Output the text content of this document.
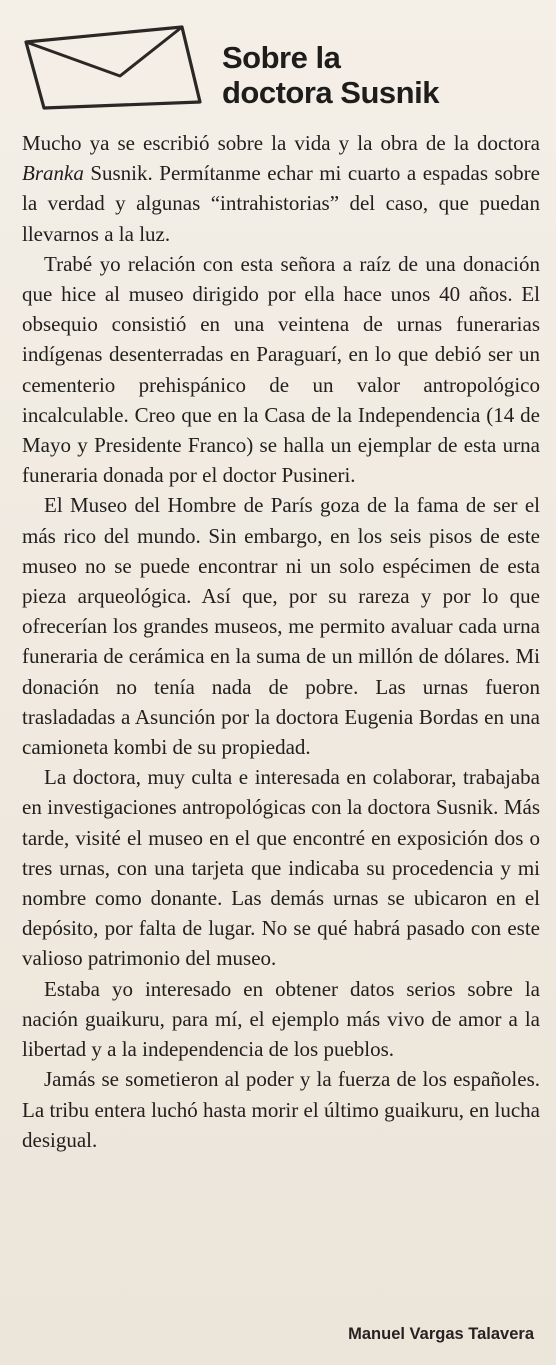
Sobre la
doctora Susnik

Mucho ya se escribió sobre la vida y la obra de la doctora Branka Susnik. Permítanme echar mi cuarto a espadas sobre la verdad y algunas “intrahistorias” del caso, que puedan llevarnos a la luz.

Trabé yo relación con esta señora a raíz de una donación que hice al museo dirigido por ella hace unos 40 años. El obsequio consistió en una veintena de urnas funerarias indígenas desenterradas en Paraguarí, en lo que debió ser un cementerio prehispánico de un valor antropológico incalculable. Creo que en la Casa de la Independencia (14 de Mayo y Presidente Franco) se halla un ejemplar de esta urna funeraria donada por el doctor Pusineri.

El Museo del Hombre de París goza de la fama de ser el más rico del mundo. Sin embargo, en los seis pisos de este museo no se puede encontrar ni un solo espécimen de esta pieza arqueológica. Así que, por su rareza y por lo que ofrecerían los grandes museos, me permito avaluar cada urna funeraria de cerámica en la suma de un millón de dólares. Mi donación no tenía nada de pobre. Las urnas fueron trasladadas a Asunción por la doctora Eugenia Bordas en una camioneta kombi de su propiedad.

La doctora, muy culta e interesada en colaborar, trabajaba en investigaciones antropológicas con la doctora Susnik. Más tarde, visité el museo en el que encontré en exposición dos o tres urnas, con una tarjeta que indicaba su procedencia y mi nombre como donante. Las demás urnas se ubicaron en el depósito, por falta de lugar. No se qué habrá pasado con este valioso patrimonio del museo.

Estaba yo interesado en obtener datos serios sobre la nación guaikuru, para mí, el ejemplo más vivo de amor a la libertad y a la independencia de los pueblos.

Jamás se sometieron al poder y la fuerza de los españoles. La tribu entera luchó hasta morir el último guaikuru, en lucha desigual.

Manuel Vargas Talavera
